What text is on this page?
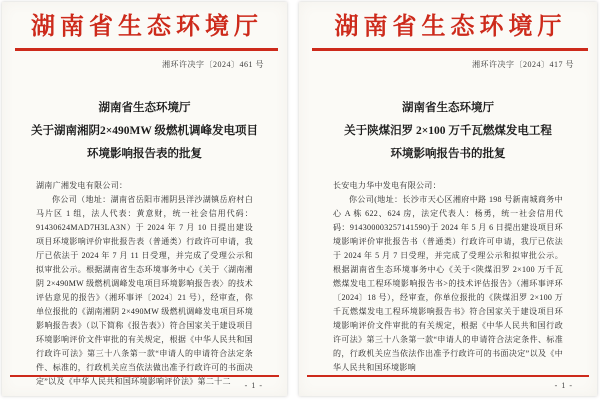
湖南省生态环境厅
湘环许决字〔2024〕461 号
湖南省生态环境厅
关于湖南湘阴2×490MW 级燃机调峰发电项目
环境影响报告表的批复
湖南广湘发电有限公司：
你公司（地址：湖南省岳阳市湘阴县洋沙湖镇岳府村白马片区 1 组，法人代表：黄意财，统一社会信用代码：91430624MAD7H3LA3N）于 2024 年 7 月 10 日提出建设项目环境影响评价审批报告表（普通类）行政许可申请，我厅已依法于 2024 年 7 月 11 日受理，并完成了受理公示和拟审批公示。根据湖南省生态环境事务中心《关于〈湖南湘阴 2×490MW 级燃机调峰发电项目环境影响报告表〉的技术评估意见的报告》（湘环事评〔2024〕21 号），经审查，你单位报批的《湖南湘阴 2×490MW 级燃机调峰发电项目环境影响报告表》（以下简称《报告表》）符合国家关于建设项目环境影响评价文件审批的有关规定，根据《中华人民共和国行政许可法》第三十八条第一款“申请人的申请符合法定条件、标准的，行政机关应当依法做出准予行政许可的书面决定”以及《中华人民共和国环境影响评价法》第二十二	- 1 -
湖南省生态环境厅
湘环许决字〔2024〕417 号
湖南省生态环境厅
关于陕煤汨罗 2×100 万千瓦燃煤发电工程
环境影响报告书的批复
长安电力华中发电有限公司：
你公司(地址：长沙市天心区湘府中路 198 号新南城商务中心 A 栋 622、624 房，法定代表人：杨勇，统一社会信用代码：914300003257141590)于 2024 年 5 月 6 日提出建设项目环境影响评价审批报告书（普通类）行政许可申请，我厅已依法于 2024 年 5 月 7 日受理，并完成了受理公示和拟审批公示。根据湖南省生态环境事务中心《关于<陕煤汨罗 2×100 万千瓦燃煤发电工程环境影响报告书>的技术评估报告》（湘环事评环〔2024〕18 号），经审查，你单位报批的《陕煤汨罗 2×100 万千瓦燃煤发电工程环境影响报告书》符合国家关于建设项目环境影响评价文件审批的有关规定，根据《中华人民共和国行政许可法》第三十八条第一款“申请人的申请符合法定条件、标准的，行政机关应当依法作出准予行政许可的书面决定”以及《中华人民共和国环境影响
- 1 -
